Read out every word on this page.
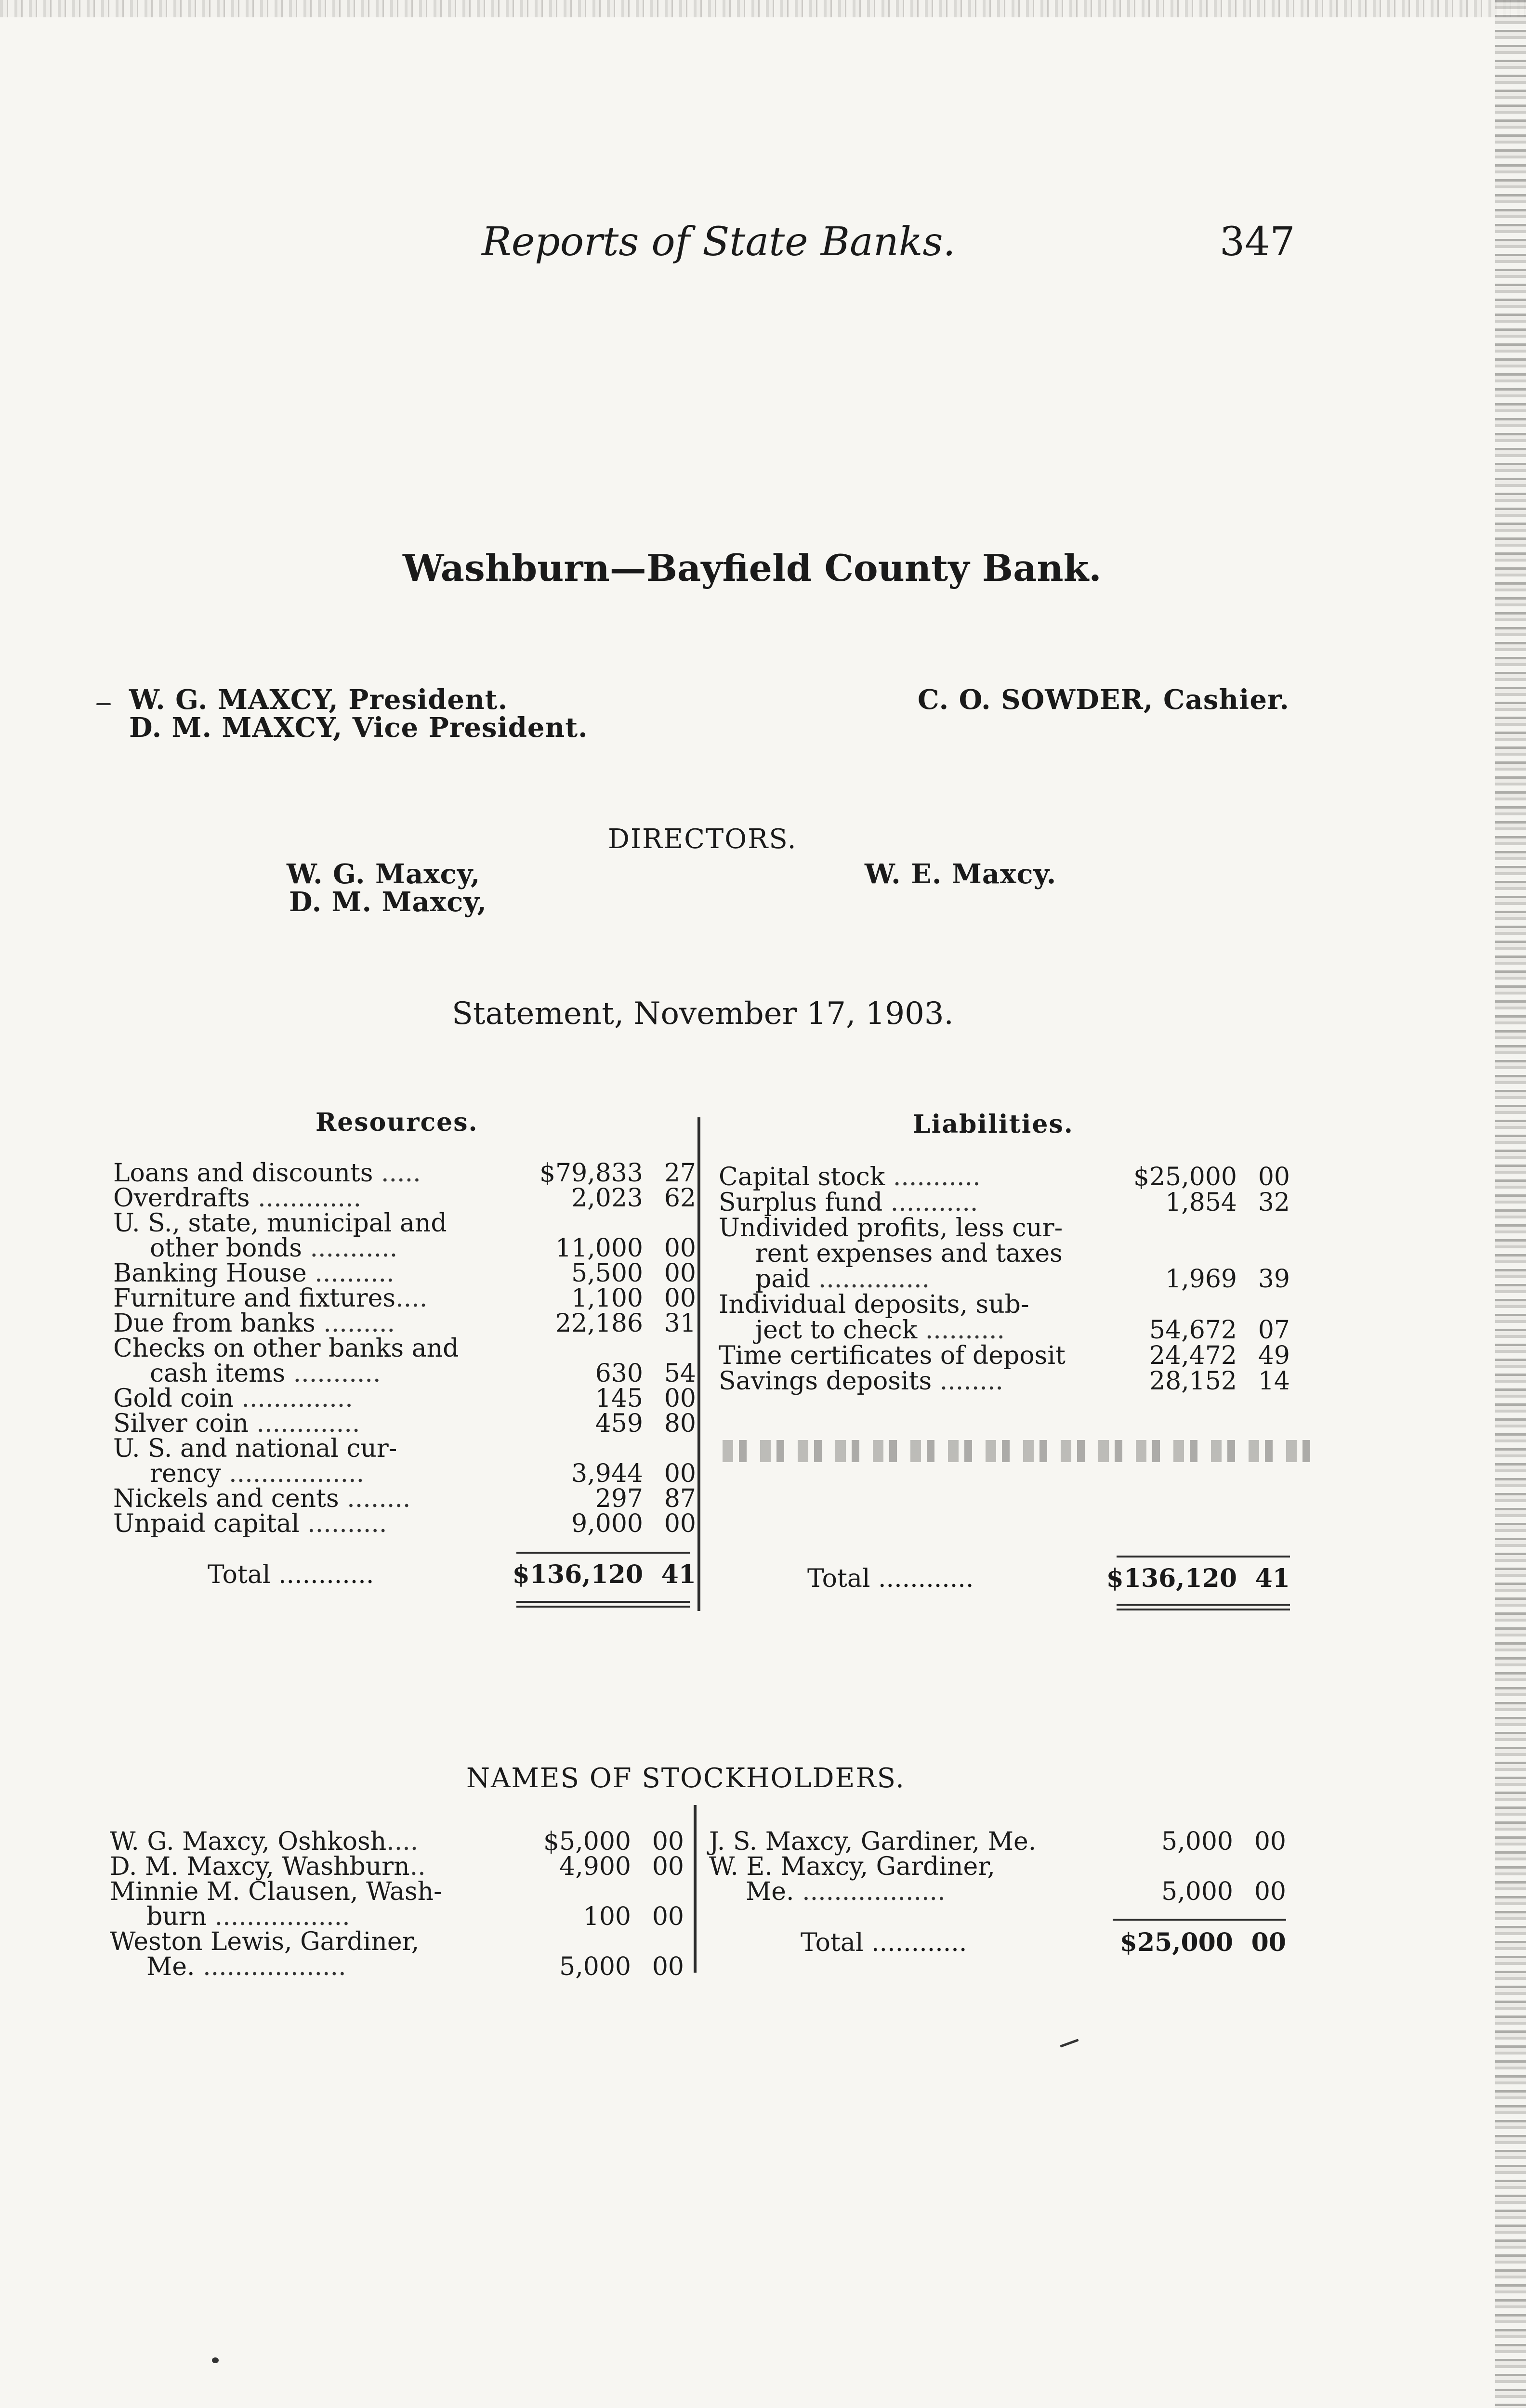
Reports of State Banks.	347
Washburn—Bayfield County Bank.
W. G. MAXCY, President.
D. M. MAXCY, Vice President.
C. O. SOWDER, Cashier.
DIRECTORS.
W. G. Maxcy,
D. M. Maxcy,
W. E. Maxcy.
Statement, November 17, 1903.
Resources.	Liabilities.
Loans and discounts .....	$79,833 27
Overdrafts .............	2,023 62
U. S., state, municipal and
other bonds ...........	11,000 00
Banking House ..........	5,500 00
Furniture and fixtures....	1,100 00
Due from banks .........	22,186 31
Checks on other banks and
cash items ...........	630 54
Gold coin ..............	145 00
Silver coin .............	459 80
U. S. and national cur-
rency .................	3,944 00
Nickels and cents ........	297 87
Unpaid capital ..........	9,000 00
Total ............	$136,120 41
Capital stock ...........	$25,000 00
Surplus fund ...........	1,854 32
Undivided profits, less cur-
rent expenses and taxes
paid ..............	1,969 39
Individual deposits, sub-
ject to check ..........	54,672 07
Time certificates of deposit	24,472 49
Savings deposits ........	28,152 14
Total ............	$136,120 41
NAMES OF STOCKHOLDERS.
W. G. Maxcy, Oshkosh....	$5,000 00
D. M. Maxcy, Washburn..	4,900 00
Minnie M. Clausen, Wash-
burn .................	100 00
Weston Lewis, Gardiner,
Me. ..................	5,000 00
J. S. Maxcy, Gardiner, Me.	5,000 00
W. E. Maxcy, Gardiner,
Me. ..................	5,000 00
Total ............	$25,000 00
